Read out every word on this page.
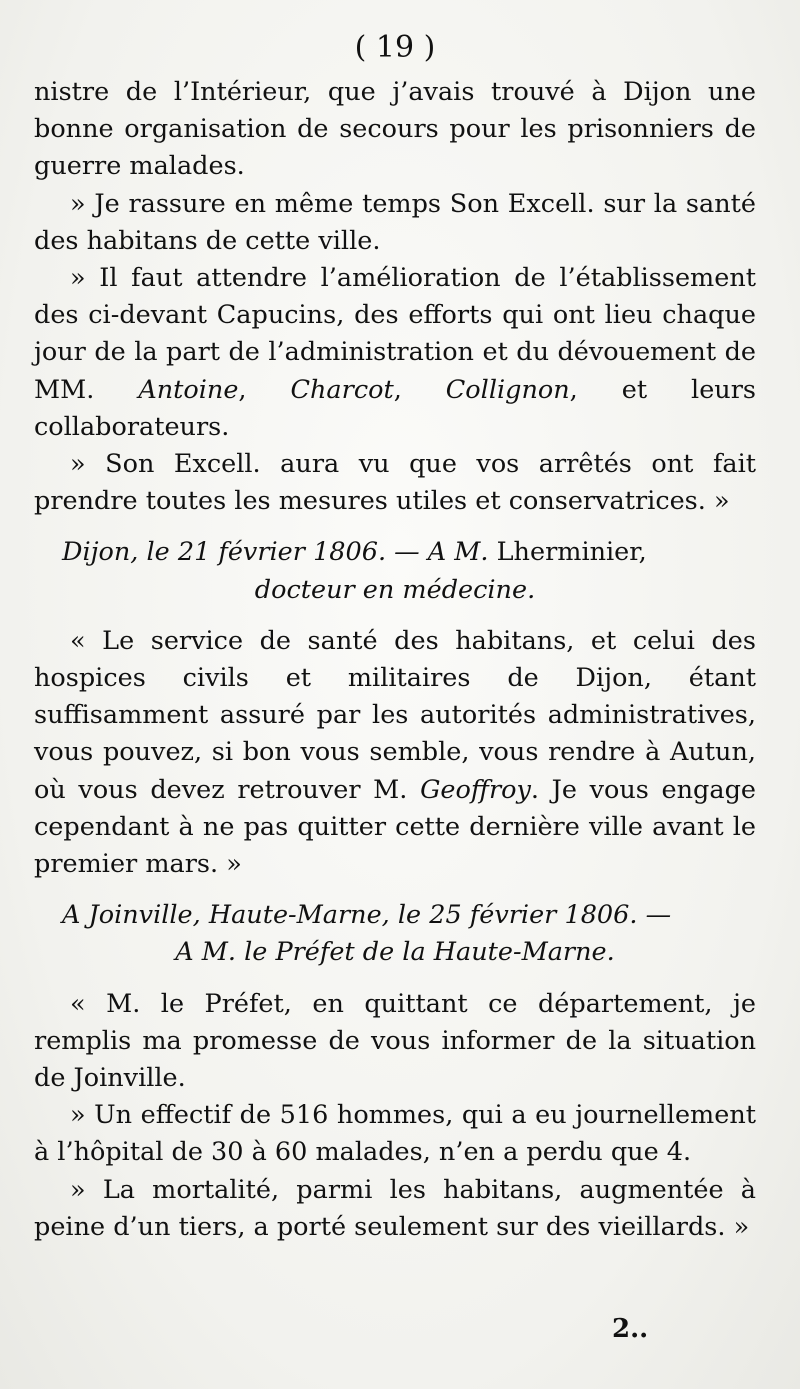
( 19 )

nistre de l’Intérieur, que j’avais trouvé à Dijon une bonne organisation de secours pour les prisonniers de guerre malades.

» Je rassure en même temps Son Excell. sur la santé des habitans de cette ville.

» Il faut attendre l’amélioration de l’établissement des ci-devant Capucins, des efforts qui ont lieu chaque jour de la part de l’administration et du dévouement de MM. Antoine, Charcot, Collignon, et leurs collaborateurs.

» Son Excell. aura vu que vos arrêtés ont fait prendre toutes les mesures utiles et conservatrices. »

Dijon, le 21 février 1806. — A M. Lherminier,

docteur en médecine.

« Le service de santé des habitans, et celui des hospices civils et militaires de Dijon, étant suffisamment assuré par les autorités administratives, vous pouvez, si bon vous semble, vous rendre à Autun, où vous devez retrouver M. Geoffroy. Je vous engage cependant à ne pas quitter cette dernière ville avant le premier mars. »

A Joinville, Haute-Marne, le 25 février 1806. —

A M. le Préfet de la Haute-Marne.

« M. le Préfet, en quittant ce département, je remplis ma promesse de vous informer de la situation de Joinville.

» Un effectif de 516 hommes, qui a eu journellement à l’hôpital de 30 à 60 malades, n’en a perdu que 4.

» La mortalité, parmi les habitans, augmentée à peine d’un tiers, a porté seulement sur des vieillards. »

2..
